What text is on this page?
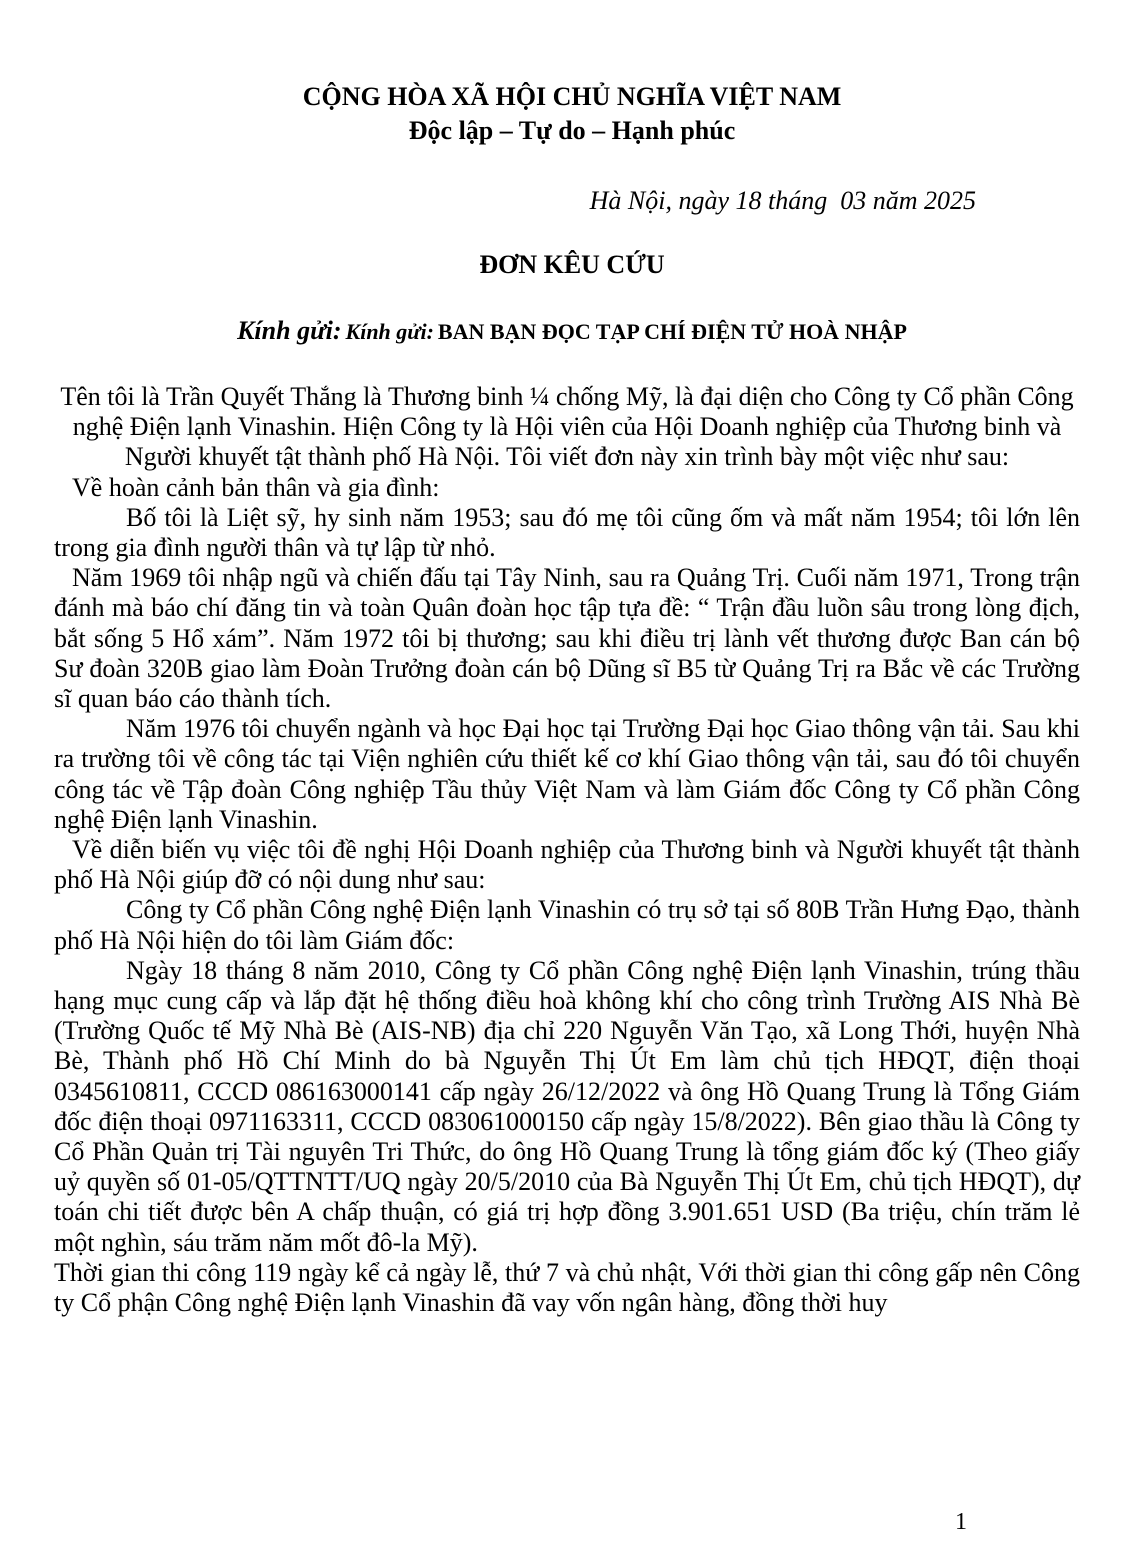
CỘNG HÒA XÃ HỘI CHỦ NGHĨA VIỆT NAM

Độc lập – Tự do – Hạnh phúc

Hà Nội, ngày 18 tháng  03 năm 2025

ĐƠN KÊU CỨU

Kính gửi: Kính gửi: BAN BẠN ĐỌC TẠP CHÍ ĐIỆN TỬ HOÀ NHẬP

Tên tôi là Trần Quyết Thắng là Thương binh ¼ chống Mỹ, là đại diện cho Công ty Cổ phần Công nghệ Điện lạnh Vinashin. Hiện Công ty là Hội viên của Hội Doanh nghiệp của Thương binh và Người khuyết tật thành phố Hà Nội. Tôi viết đơn này xin trình bày một việc như sau:

Về hoàn cảnh bản thân và gia đình:

Bố tôi là Liệt sỹ, hy sinh năm 1953; sau đó mẹ tôi cũng ốm và mất năm 1954; tôi lớn lên trong gia đình người thân và tự lập từ nhỏ.

Năm 1969 tôi nhập ngũ và chiến đấu tại Tây Ninh, sau ra Quảng Trị. Cuối năm 1971, Trong trận đánh mà báo chí đăng tin và toàn Quân đoàn học tập tựa đề: “ Trận đầu luồn sâu trong lòng địch, bắt sống 5 Hổ xám”. Năm 1972 tôi bị thương; sau khi điều trị lành vết thương được Ban cán bộ Sư đoàn 320B giao làm Đoàn Trưởng đoàn cán bộ Dũng sĩ B5 từ Quảng Trị ra Bắc về các Trường sĩ quan báo cáo thành tích.

Năm 1976 tôi chuyển ngành và học Đại học tại Trường Đại học Giao thông vận tải. Sau khi ra trường tôi về công tác tại Viện nghiên cứu thiết kế cơ khí Giao thông vận tải, sau đó tôi chuyển công tác về Tập đoàn Công nghiệp Tầu thủy Việt Nam và làm Giám đốc Công ty Cổ phần Công nghệ Điện lạnh Vinashin.

Về diễn biến vụ việc tôi đề nghị Hội Doanh nghiệp của Thương binh và Người khuyết tật thành phố Hà Nội giúp đỡ có nội dung như sau:

Công ty Cổ phần Công nghệ Điện lạnh Vinashin có trụ sở tại số 80B Trần Hưng Đạo, thành phố Hà Nội hiện do tôi làm Giám đốc:

Ngày 18 tháng 8 năm 2010, Công ty Cổ phần Công nghệ Điện lạnh Vinashin, trúng thầu hạng mục cung cấp và lắp đặt hệ thống điều hoà không khí cho công trình Trường AIS Nhà Bè (Trường Quốc tế Mỹ Nhà Bè (AIS-NB) địa chỉ 220 Nguyễn Văn Tạo, xã Long Thới, huyện Nhà Bè, Thành phố Hồ Chí Minh do bà Nguyễn Thị Út Em làm chủ tịch HĐQT, điện thoại 0345610811, CCCD 086163000141 cấp ngày 26/12/2022 và ông Hồ Quang Trung là Tổng Giám đốc điện thoại 0971163311, CCCD 083061000150 cấp ngày 15/8/2022). Bên giao thầu là Công ty Cổ Phần Quản trị Tài nguyên Tri Thức, do ông Hồ Quang Trung là tổng giám đốc ký (Theo giấy uỷ quyền số 01-05/QTTNTT/UQ ngày 20/5/2010 của Bà Nguyễn Thị Út Em, chủ tịch HĐQT), dự toán chi tiết được bên A chấp thuận, có giá trị hợp đồng 3.901.651 USD (Ba triệu, chín trăm lẻ một nghìn, sáu trăm năm mốt đô-la Mỹ).

Thời gian thi công 119 ngày kể cả ngày lễ, thứ 7 và chủ nhật, Với thời gian thi công gấp nên Công ty Cổ phận Công nghệ Điện lạnh Vinashin đã vay vốn ngân hàng, đồng thời huy

1
